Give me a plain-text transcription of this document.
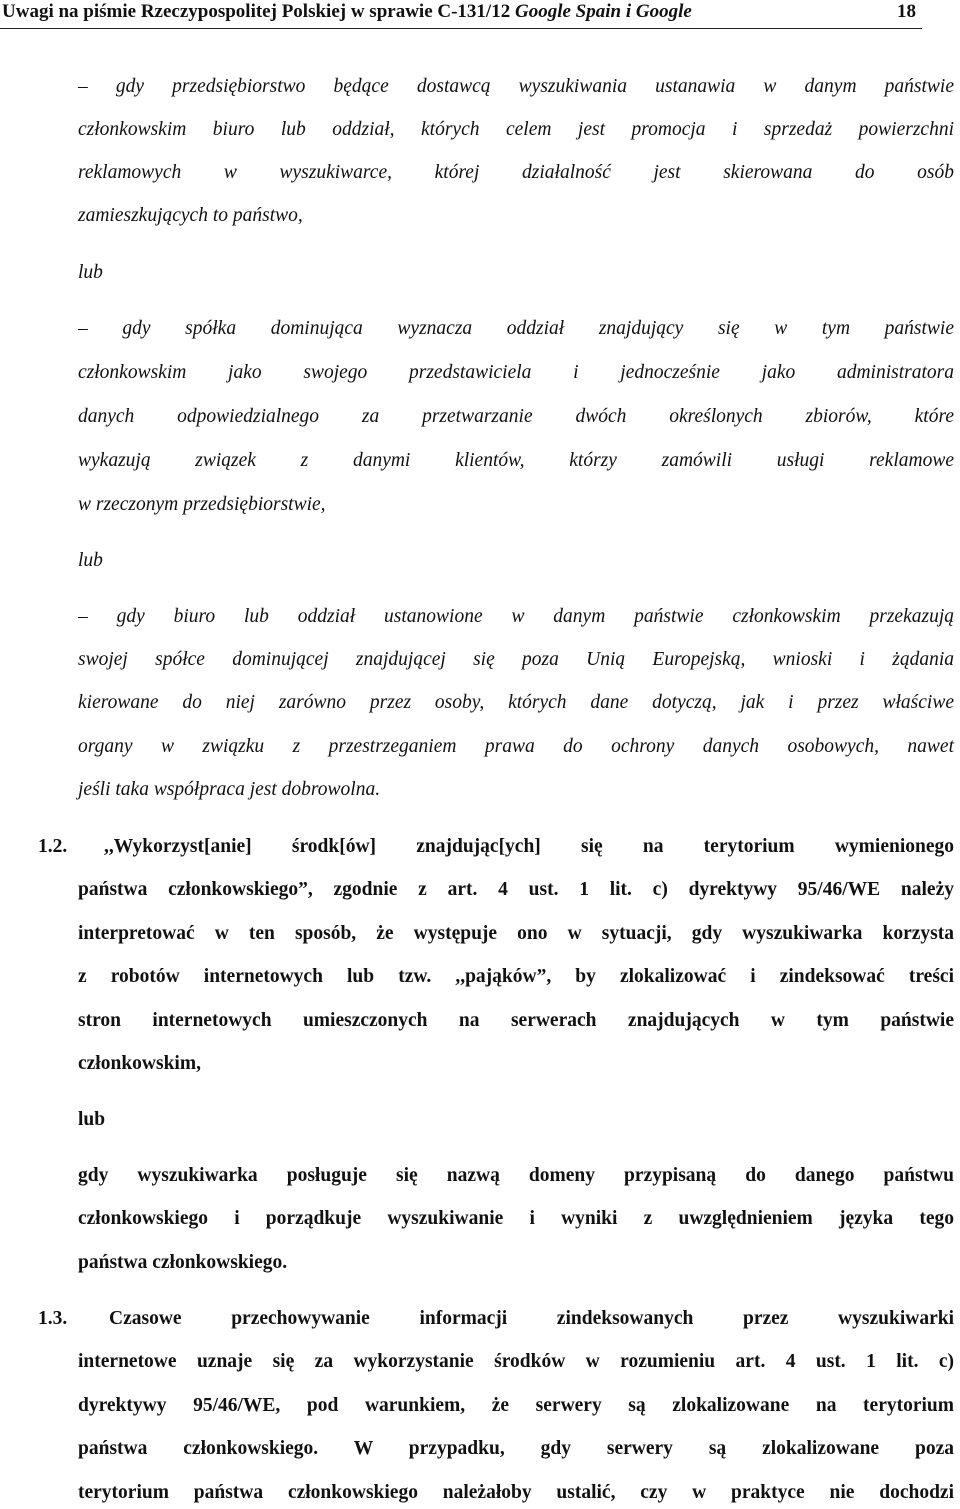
Uwagi na piśmie Rzeczypospolitej Polskiej w sprawie C-131/12 Google Spain i Google	18
– gdy przedsiębiorstwo będące dostawcą wyszukiwania ustanawia w danym państwie
członkowskim biuro lub oddział, których celem jest promocja i sprzedaż powierzchni
reklamowych w wyszukiwarce, której działalność jest skierowana do osób
zamieszkujących to państwo,
lub
– gdy spółka dominująca wyznacza oddział znajdujący się w tym państwie
członkowskim jako swojego przedstawiciela i jednocześnie jako administratora
danych odpowiedzialnego za przetwarzanie dwóch określonych zbiorów, które
wykazują związek z danymi klientów, którzy zamówili usługi reklamowe
w rzeczonym przedsiębiorstwie,
lub
– gdy biuro lub oddział ustanowione w danym państwie członkowskim przekazują
swojej spółce dominującej znajdującej się poza Unią Europejską, wnioski i żądania
kierowane do niej zarówno przez osoby, których dane dotyczą, jak i przez właściwe
organy w związku z przestrzeganiem prawa do ochrony danych osobowych, nawet
jeśli taka współpraca jest dobrowolna.
1.2. ,,Wykorzyst[anie] środk[ów] znajdując[ych] się na terytorium wymienionego
państwa członkowskiego”, zgodnie z art. 4 ust. 1 lit. c) dyrektywy 95/46/WE należy
interpretować w ten sposób, że występuje ono w sytuacji, gdy wyszukiwarka korzysta
z robotów internetowych lub tzw. ,,pająków”, by zlokalizować i zindeksować treści
stron internetowych umieszczonych na serwerach znajdujących w tym państwie
członkowskim,
lub
gdy wyszukiwarka posługuje się nazwą domeny przypisaną do danego państwu
członkowskiego i porządkuje wyszukiwanie i wyniki z uwzględnieniem języka tego
państwa członkowskiego.
1.3. Czasowe przechowywanie informacji zindeksowanych przez wyszukiwarki
internetowe uznaje się za wykorzystanie środków w rozumieniu art. 4 ust. 1 lit. c)
dyrektywy 95/46/WE, pod warunkiem, że serwery są zlokalizowane na terytorium
państwa członkowskiego. W przypadku, gdy serwery są zlokalizowane poza
terytorium państwa członkowskiego należałoby ustalić, czy w praktyce nie dochodzi
